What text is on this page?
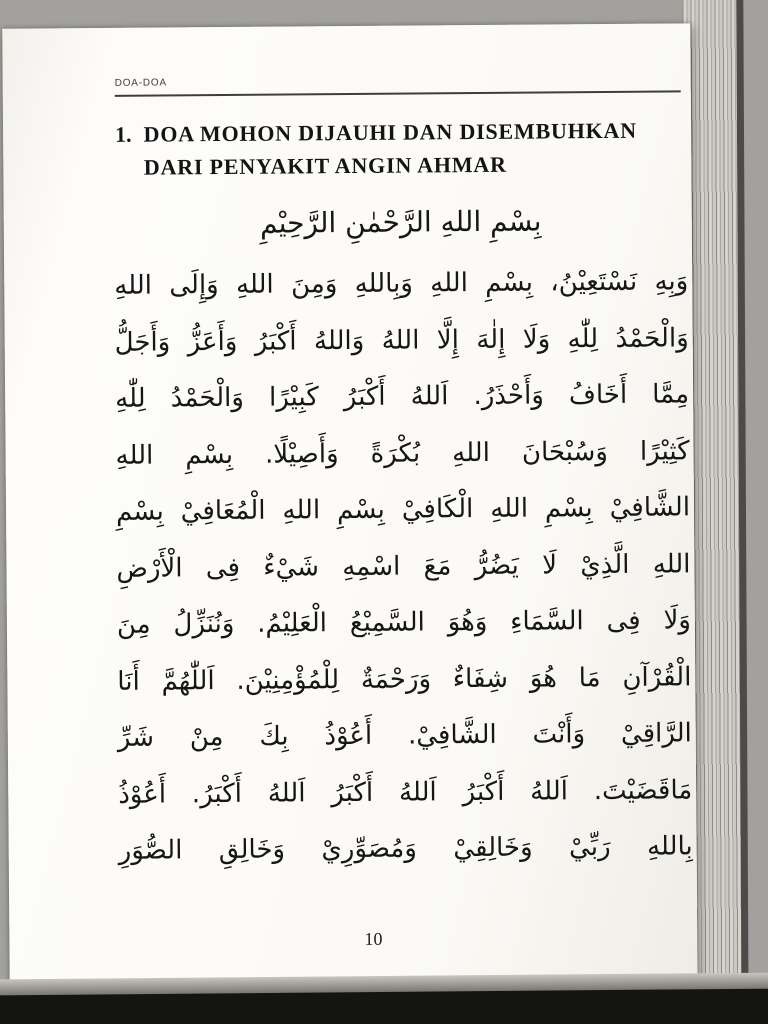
DOA-DOA
1. DOA MOHON DIJAUHI DAN DISEMBUHKAN
DARI PENYAKIT ANGIN AHMAR
بِسْمِ اللهِ الرَّحْمٰنِ الرَّحِيْمِ
وَبِهِ نَسْتَعِيْنُ، بِسْمِ اللهِ وَبِاللهِ وَمِنَ اللهِ وَإِلَى اللهِ
وَالْحَمْدُ لِلّٰهِ وَلَا إِلٰهَ إِلَّا اللهُ وَاللهُ أَكْبَرُ وَأَعَزُّ وَأَجَلُّ
مِمَّا أَخَافُ وَأَحْذَرُ. اَللهُ أَكْبَرُ كَبِيْرًا وَالْحَمْدُ لِلّٰهِ
كَثِيْرًا وَسُبْحَانَ اللهِ بُكْرَةً وَأَصِيْلًا. بِسْمِ اللهِ
الشَّافِيْ بِسْمِ اللهِ الْكَافِيْ بِسْمِ اللهِ الْمُعَافِيْ بِسْمِ
اللهِ الَّذِيْ لَا يَضُرُّ مَعَ اسْمِهِ شَيْءٌ فِى الْأَرْضِ
وَلَا فِى السَّمَاءِ وَهُوَ السَّمِيْعُ الْعَلِيْمُ. وَنُنَزِّلُ مِنَ
الْقُرْآنِ مَا هُوَ شِفَاءٌ وَرَحْمَةٌ لِلْمُؤْمِنِيْنَ. اَللّٰهُمَّ أَنَا
الرَّاقِيْ وَأَنْتَ الشَّافِيْ. أَعُوْذُ بِكَ مِنْ شَرِّ
مَاقَضَيْتَ. اَللهُ أَكْبَرُ اَللهُ أَكْبَرُ اَللهُ أَكْبَرُ. أَعُوْذُ
بِاللهِ رَبِّيْ وَخَالِقِيْ وَمُصَوِّرِيْ وَخَالِقِ الصُّوَرِ
10
